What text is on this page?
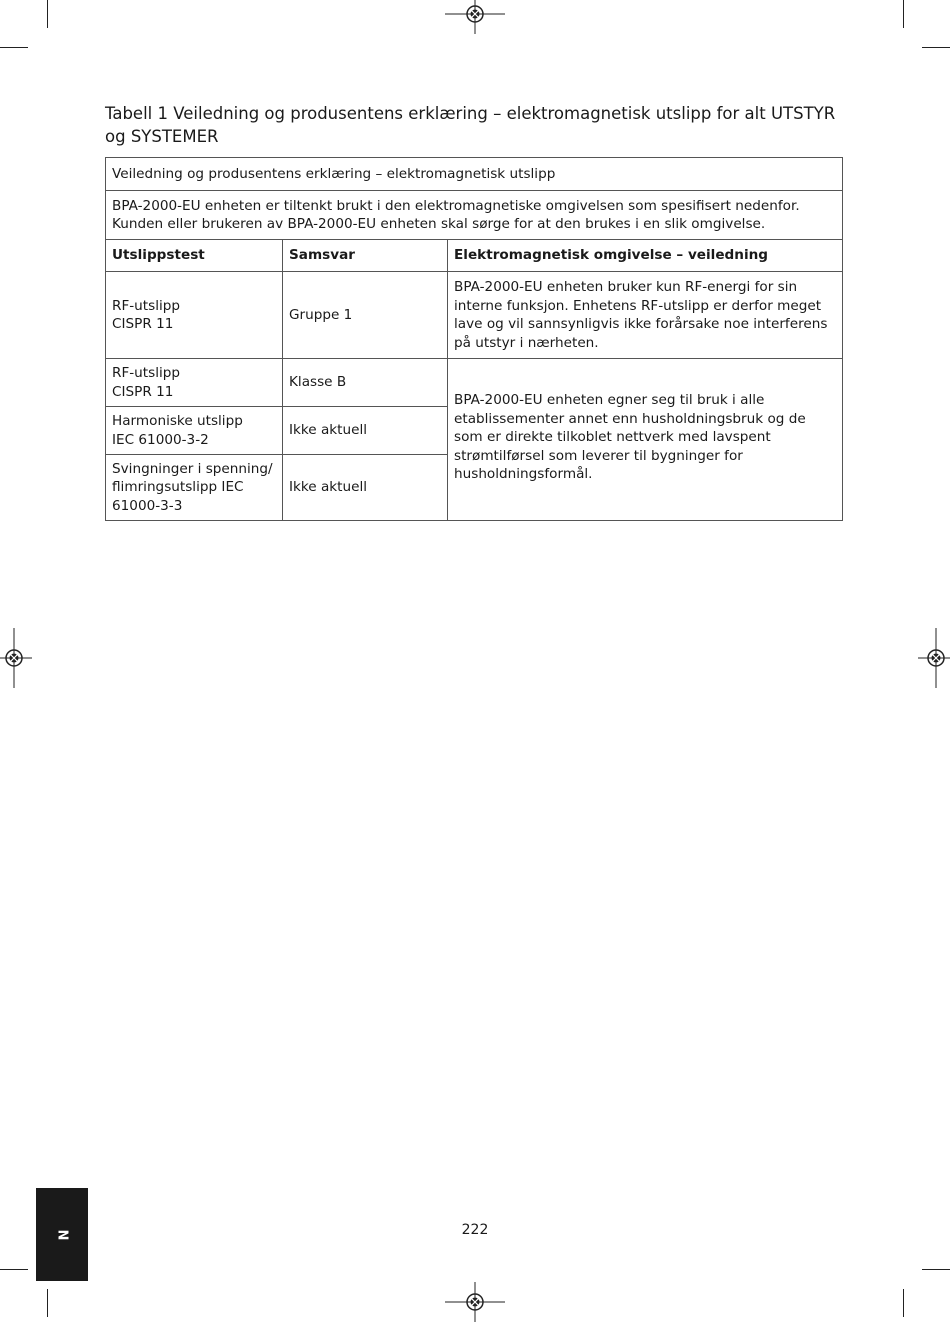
Tabell 1 Veiledning og produsentens erklæring – elektromagnetisk utslipp for alt UTSTYR og SYSTEMER
Veiledning og produsentens erklæring – elektromagnetisk utslipp		

BPA-2000-EU enheten er tiltenkt brukt i den elektromagnetiske omgivelsen som spesifisert nedenfor.
Kunden eller brukeren av BPA-2000-EU enheten skal sørge for at den brukes i en slik omgivelse.		

Utslippstest	Samsvar	Elektromagnetisk omgivelse – veiledning

RF-utslipp
CISPR 11	Gruppe 1	BPA-2000-EU enheten bruker kun RF-energi for sin interne funksjon. Enhetens RF-utslipp er derfor meget lave og vil sannsynligvis ikke forårsake noe interferens på utstyr i nærheten.

RF-utslipp
CISPR 11	Klasse B	BPA-2000-EU enheten egner seg til bruk i alle etablissementer annet enn husholdningsbruk og de som er direkte tilkoblet nettverk med lavspent strømtilførsel som leverer til bygninger for husholdningsformål.

Harmoniske utslipp
IEC 61000-3-2	Ikke aktuell	

Svingninger i spenning/
flimringsutslipp IEC
61000-3-3	Ikke aktuell	
N	222
